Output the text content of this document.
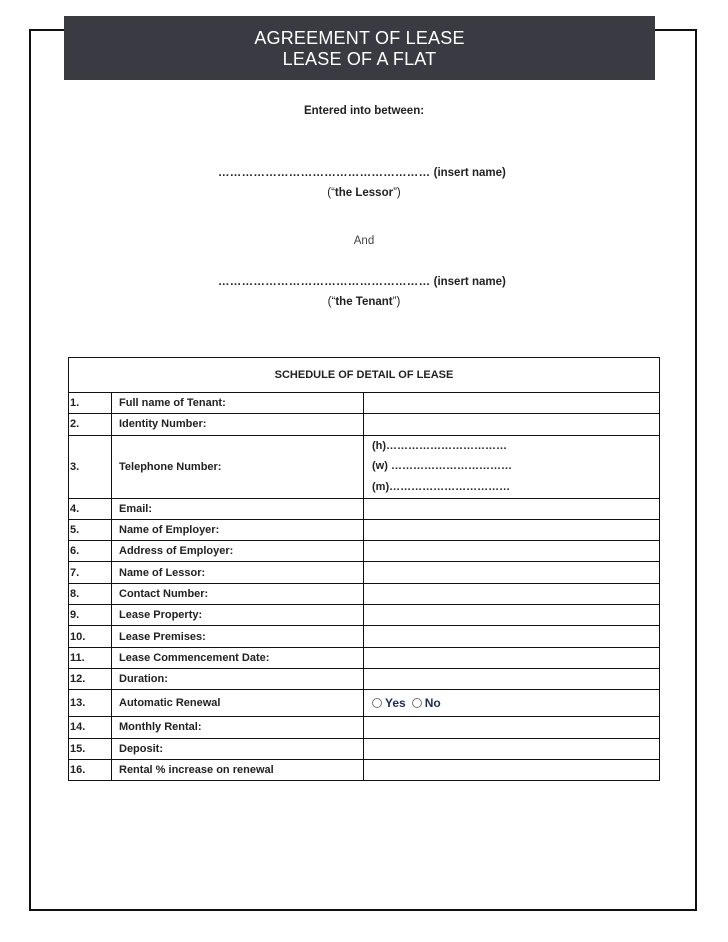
AGREEMENT OF LEASE
LEASE OF A FLAT
Entered into between:
……………………………………………… (insert name)
(“the Lessor”)
And
……………………………………………… (insert name)
(“the Tenant”)
SCHEDULE OF DETAIL OF LEASE		
1.	Full name of Tenant:	
2.	Identity Number:	
3.	Telephone Number:	(h)……………………………
(w) ……………………………
(m)……………………………

4.	Email:	
5.	Name of Employer:	
6.	Address of Employer:	
7.	Name of Lessor:	
8.	Contact Number:	
9.	Lease Property:	
10.	Lease Premises:	
11.	Lease Commencement Date:	
12.	Duration:	
13.	Automatic Renewal	Yes No
14.	Monthly Rental:	
15.	Deposit:	
16.	Rental % increase on renewal	
